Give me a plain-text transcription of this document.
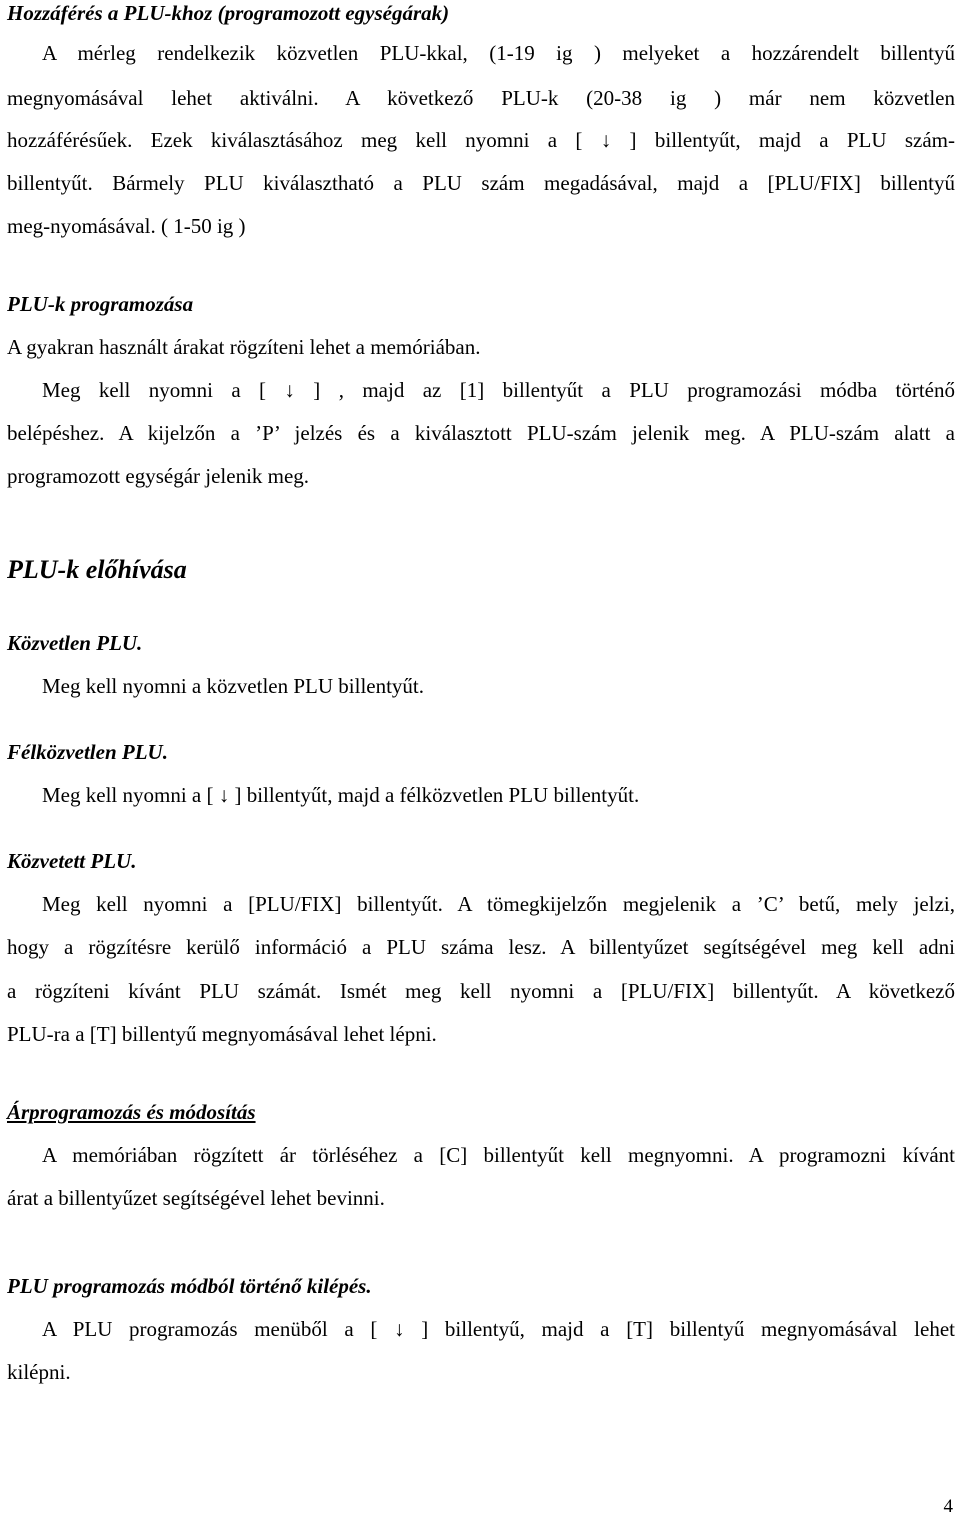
Hozzáférés a PLU-khoz (programozott egységárak)
A mérleg rendelkezik közvetlen PLU-kkal, (1-19 ig ) melyeket a hozzárendelt billentyű
megnyomásával lehet aktiválni. A következő PLU-k (20-38 ig ) már nem közvetlen
hozzáférésűek. Ezek kiválasztásához meg kell nyomni a [ ↓ ] billentyűt, majd a PLU szám-
billentyűt. Bármely PLU kiválasztható a PLU szám megadásával, majd a [PLU/FIX] billentyű
meg-nyomásával. ( 1-50 ig )
PLU-k programozása
A gyakran használt árakat rögzíteni lehet a memóriában.
Meg kell nyomni a [ ↓ ] , majd az [1] billentyűt a PLU programozási módba történő
belépéshez. A kijelzőn a ’P’ jelzés és a kiválasztott PLU-szám jelenik meg. A PLU-szám alatt a
programozott egységár jelenik meg.
PLU-k előhívása
Közvetlen PLU.
Meg kell nyomni a közvetlen PLU billentyűt.
Félközvetlen PLU.
Meg kell nyomni a [ ↓ ] billentyűt, majd a félközvetlen PLU billentyűt.
Közvetett PLU.
Meg kell nyomni a [PLU/FIX] billentyűt. A tömegkijelzőn megjelenik a ’C’ betű, mely jelzi,
hogy a rögzítésre kerülő információ a PLU száma lesz. A billentyűzet segítségével meg kell adni
a rögzíteni kívánt PLU számát. Ismét meg kell nyomni a [PLU/FIX] billentyűt. A következő
PLU-ra a [T] billentyű megnyomásával lehet lépni.
Árprogramozás és módosítás
A memóriában rögzített ár törléséhez a [C] billentyűt kell megnyomni. A programozni kívánt
árat a billentyűzet segítségével lehet bevinni.
PLU programozás módból történő kilépés.
A PLU programozás menüből a [ ↓ ] billentyű, majd a [T] billentyű megnyomásával lehet
kilépni.
4
